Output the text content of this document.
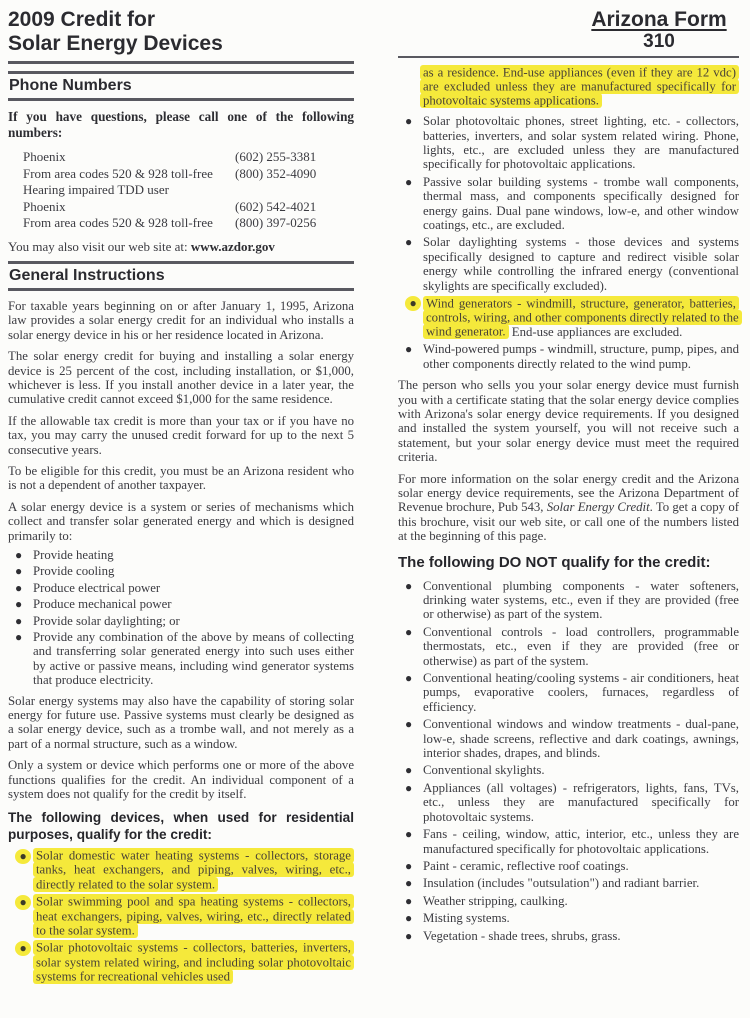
2009 Credit for
Solar Energy Devices
Phone Numbers

If you have questions, please call one of the following numbers:

Phoenix	(602) 255-3381
From area codes 520 & 928 toll-free	(800) 352-4090
Hearing impaired TDD user
Phoenix	(602) 542-4021
From area codes 520 & 928 toll-free	(800) 397-0256

You may also visit our web site at: www.azdor.gov

General Instructions

For taxable years beginning on or after January 1, 1995, Arizona law provides a solar energy credit for an individual who installs a solar energy device in his or her residence located in Arizona.

The solar energy credit for buying and installing a solar energy device is 25 percent of the cost, including installation, or $1,000, whichever is less. If you install another device in a later year, the cumulative credit cannot exceed $1,000 for the same residence.

If the allowable tax credit is more than your tax or if you have no tax, you may carry the unused credit forward for up to the next 5 consecutive years.

To be eligible for this credit, you must be an Arizona resident who is not a dependent of another taxpayer.

A solar energy device is a system or series of mechanisms which collect and transfer solar generated energy and which is designed primarily to:

● Provide heating
● Provide cooling
● Produce electrical power
● Produce mechanical power
● Provide solar daylighting; or
● Provide any combination of the above by means of collecting and transferring solar generated energy into such uses either by active or passive means, including wind generator systems that produce electricity.

Solar energy systems may also have the capability of storing solar energy for future use. Passive systems must clearly be designed as a solar energy device, such as a trombe wall, and not merely as a part of a normal structure, such as a window.

Only a system or device which performs one or more of the above functions qualifies for the credit. An individual component of a system does not qualify for the credit by itself.

The following devices, when used for residential purposes, qualify for the credit:
● Solar domestic water heating systems - collectors, storage tanks, heat exchangers, and piping, valves, wiring, etc., directly related to the solar system.
● Solar swimming pool and spa heating systems - collectors, heat exchangers, piping, valves, wiring, etc., directly related to the solar system.
● Solar photovoltaic systems - collectors, batteries, inverters, solar system related wiring, and including solar photovoltaic systems for recreational vehicles used
Arizona Form
310

as a residence. End-use appliances (even if they are 12 vdc) are excluded unless they are manufactured specifically for photovoltaic systems applications.

● Solar photovoltaic phones, street lighting, etc. - collectors, batteries, inverters, and solar system related wiring. Phone, lights, etc., are excluded unless they are manufactured specifically for photovoltaic applications.
● Passive solar building systems - trombe wall components, thermal mass, and components specifically designed for energy gains. Dual pane windows, low-e, and other window coatings, etc., are excluded.
● Solar daylighting systems - those devices and systems specifically designed to capture and redirect visible solar energy while controlling the infrared energy (conventional skylights are specifically excluded).
● Wind generators - windmill, structure, generator, batteries, controls, wiring, and other components directly related to the wind generator. End-use appliances are excluded.
● Wind-powered pumps - windmill, structure, pump, pipes, and other components directly related to the wind pump.

The person who sells you your solar energy device must furnish you with a certificate stating that the solar energy device complies with Arizona's solar energy device requirements. If you designed and installed the system yourself, you will not receive such a statement, but your solar energy device must meet the required criteria.

For more information on the solar energy credit and the Arizona solar energy device requirements, see the Arizona Department of Revenue brochure, Pub 543, Solar Energy Credit. To get a copy of this brochure, visit our web site, or call one of the numbers listed at the beginning of this page.

The following DO NOT qualify for the credit:
● Conventional plumbing components - water softeners, drinking water systems, etc., even if they are provided (free or otherwise) as part of the system.
● Conventional controls - load controllers, programmable thermostats, etc., even if they are provided (free or otherwise) as part of the system.
● Conventional heating/cooling systems - air conditioners, heat pumps, evaporative coolers, furnaces, regardless of efficiency.
● Conventional windows and window treatments - dual-pane, low-e, shade screens, reflective and dark coatings, awnings, interior shades, drapes, and blinds.
● Conventional skylights.
● Appliances (all voltages) - refrigerators, lights, fans, TVs, etc., unless they are manufactured specifically for photovoltaic systems.
● Fans - ceiling, window, attic, interior, etc., unless they are manufactured specifically for photovoltaic applications.
● Paint - ceramic, reflective roof coatings.
● Insulation (includes "outsulation") and radiant barrier.
● Weather stripping, caulking.
● Misting systems.
● Vegetation - shade trees, shrubs, grass.
